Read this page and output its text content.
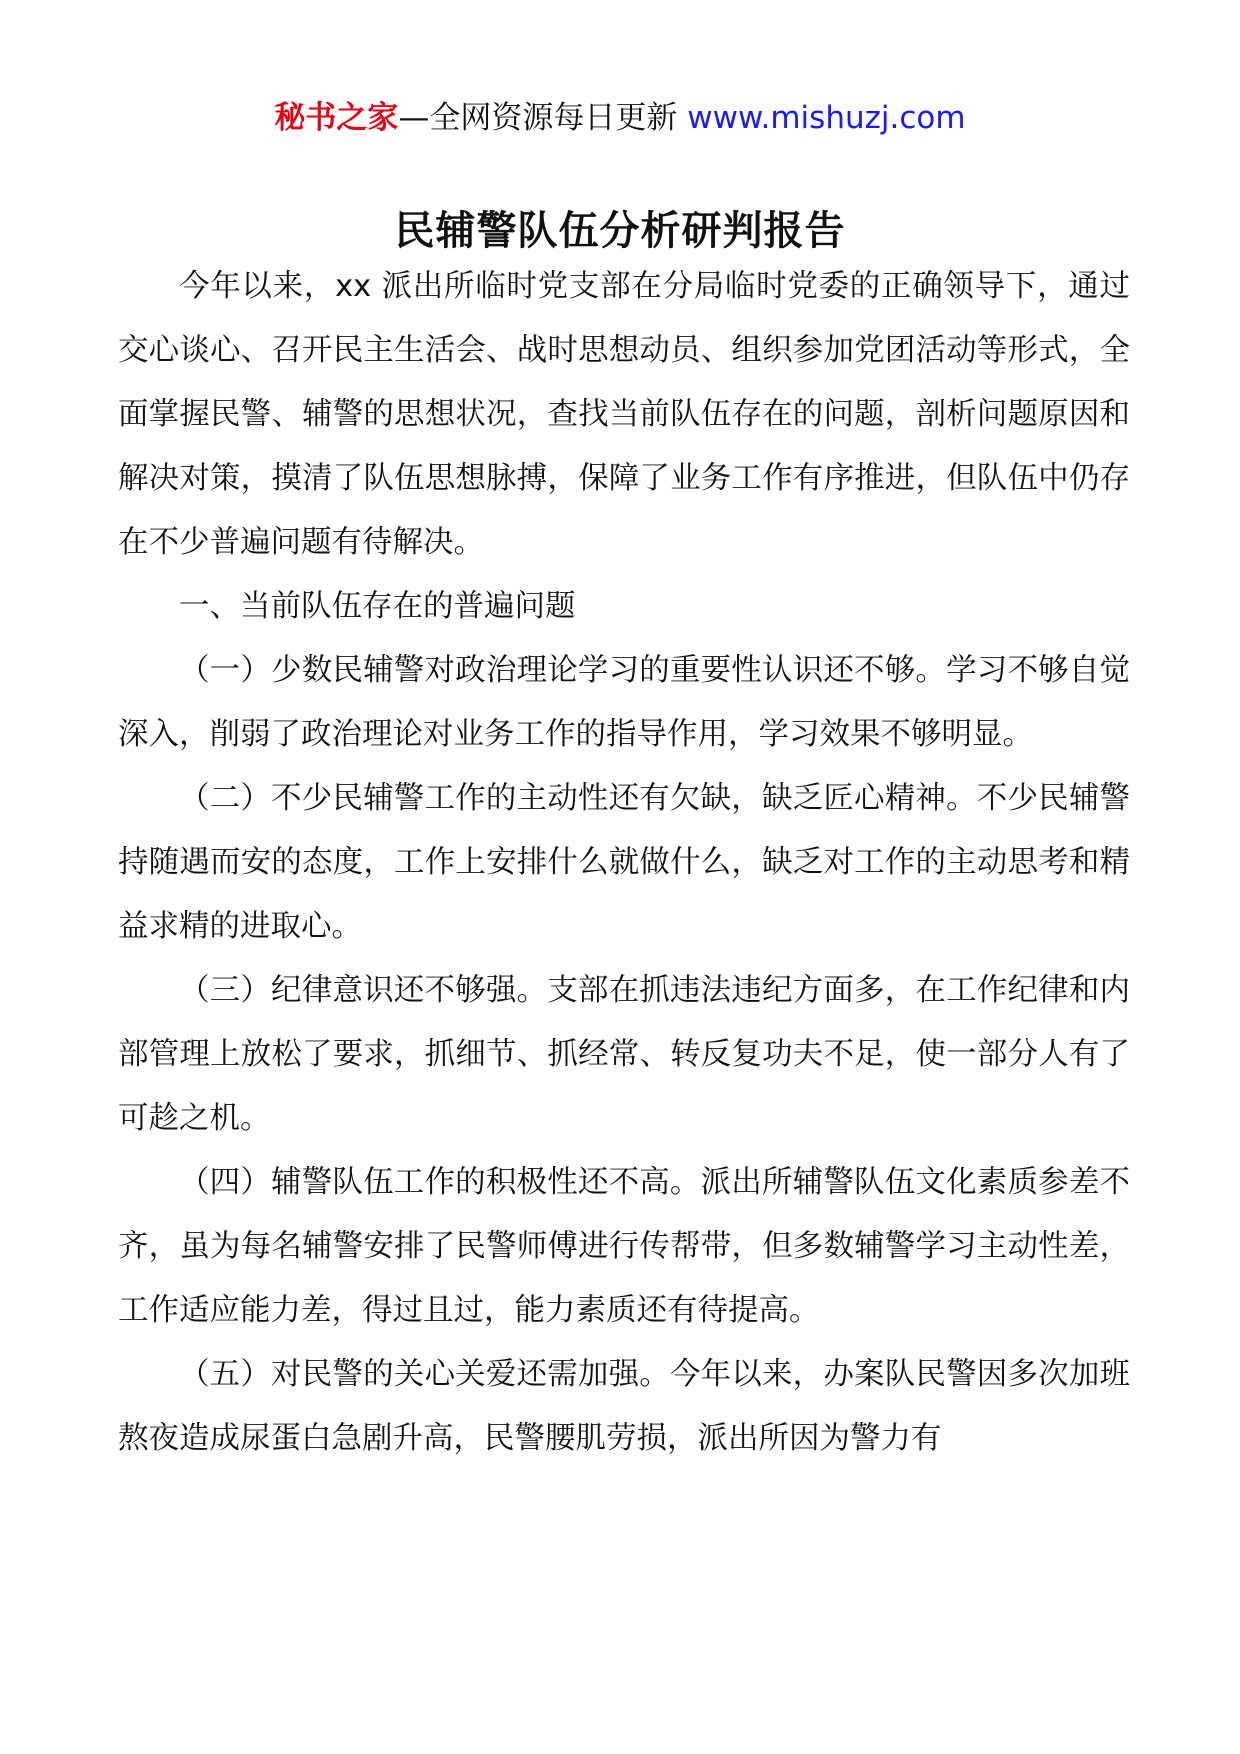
秘书之家—全网资源每日更新 www.mishuzj.com
民辅警队伍分析研判报告

今年以来，xx 派出所临时党支部在分局临时党委的正确领导下，通过交心谈心、召开民主生活会、战时思想动员、组织参加党团活动等形式，全面掌握民警、辅警的思想状况，查找当前队伍存在的问题，剖析问题原因和解决对策，摸清了队伍思想脉搏，保障了业务工作有序推进，但队伍中仍存在不少普遍问题有待解决。

一、当前队伍存在的普遍问题

（一）少数民辅警对政治理论学习的重要性认识还不够。学习不够自觉深入，削弱了政治理论对业务工作的指导作用，学习效果不够明显。

（二）不少民辅警工作的主动性还有欠缺，缺乏匠心精神。不少民辅警持随遇而安的态度，工作上安排什么就做什么，缺乏对工作的主动思考和精益求精的进取心。

（三）纪律意识还不够强。支部在抓违法违纪方面多，在工作纪律和内部管理上放松了要求，抓细节、抓经常、转反复功夫不足，使一部分人有了可趁之机。

（四）辅警队伍工作的积极性还不高。派出所辅警队伍文化素质参差不齐，虽为每名辅警安排了民警师傅进行传帮带，但多数辅警学习主动性差，工作适应能力差，得过且过，能力素质还有待提高。

（五）对民警的关心关爱还需加强。今年以来，办案队民警因多次加班熬夜造成尿蛋白急剧升高，民警腰肌劳损，派出所因为警力有
